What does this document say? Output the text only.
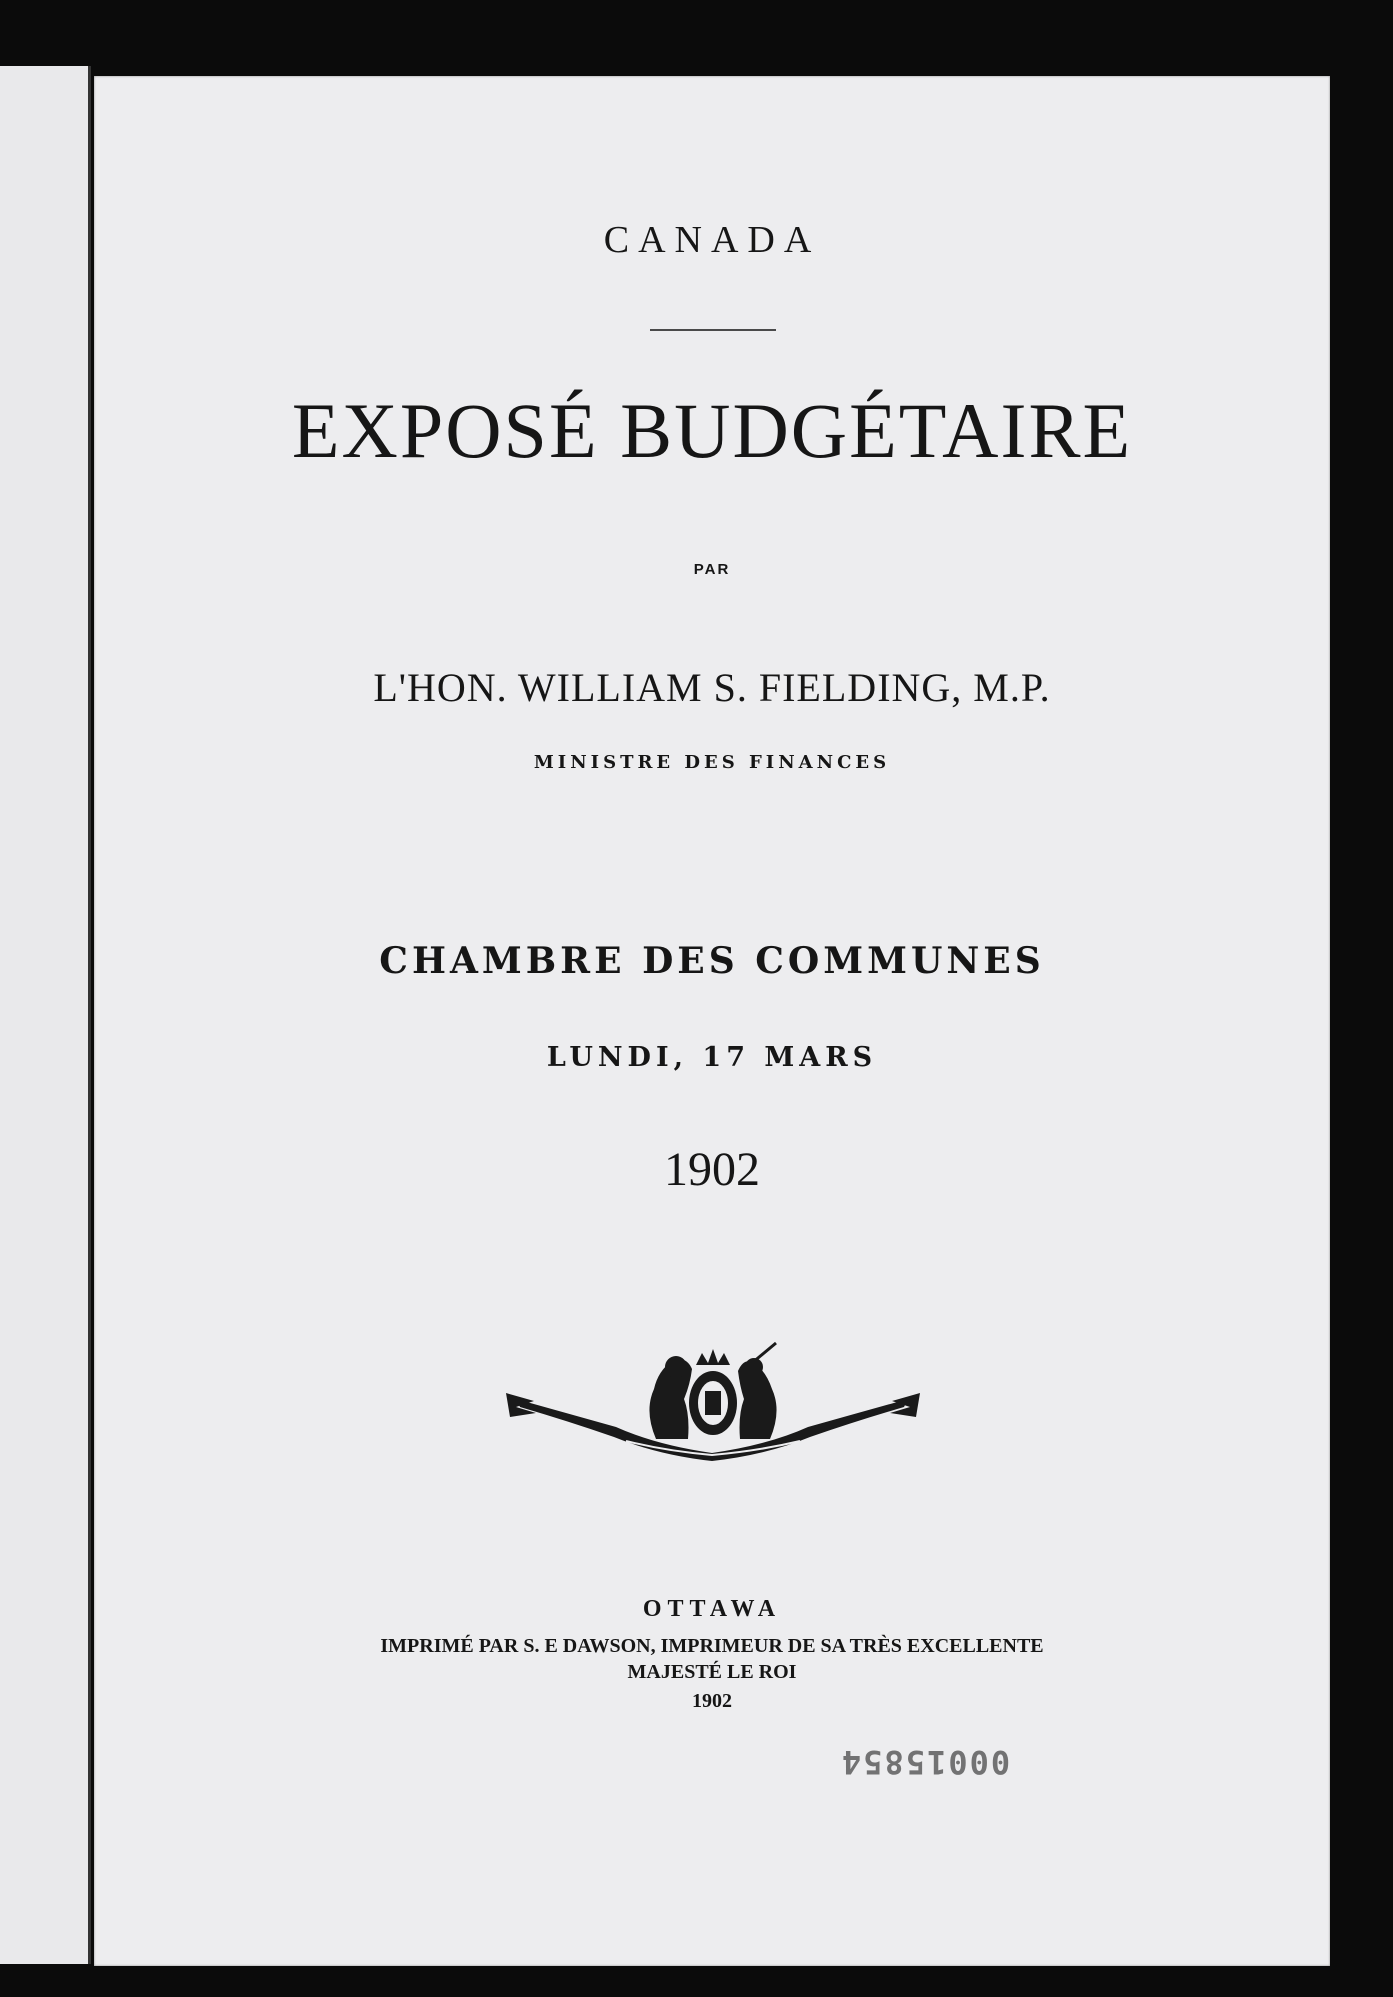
CANADA
EXPOSÉ BUDGÉTAIRE
PAR
L'HON. WILLIAM S. FIELDING, M.P.
MINISTRE DES FINANCES
CHAMBRE DES COMMUNES
LUNDI, 17 MARS
1902
OTTAWA
IMPRIMÉ PAR S. E DAWSON, IMPRIMEUR DE SA TRÈS EXCELLENTE
MAJESTÉ LE ROI
1902
00015854
